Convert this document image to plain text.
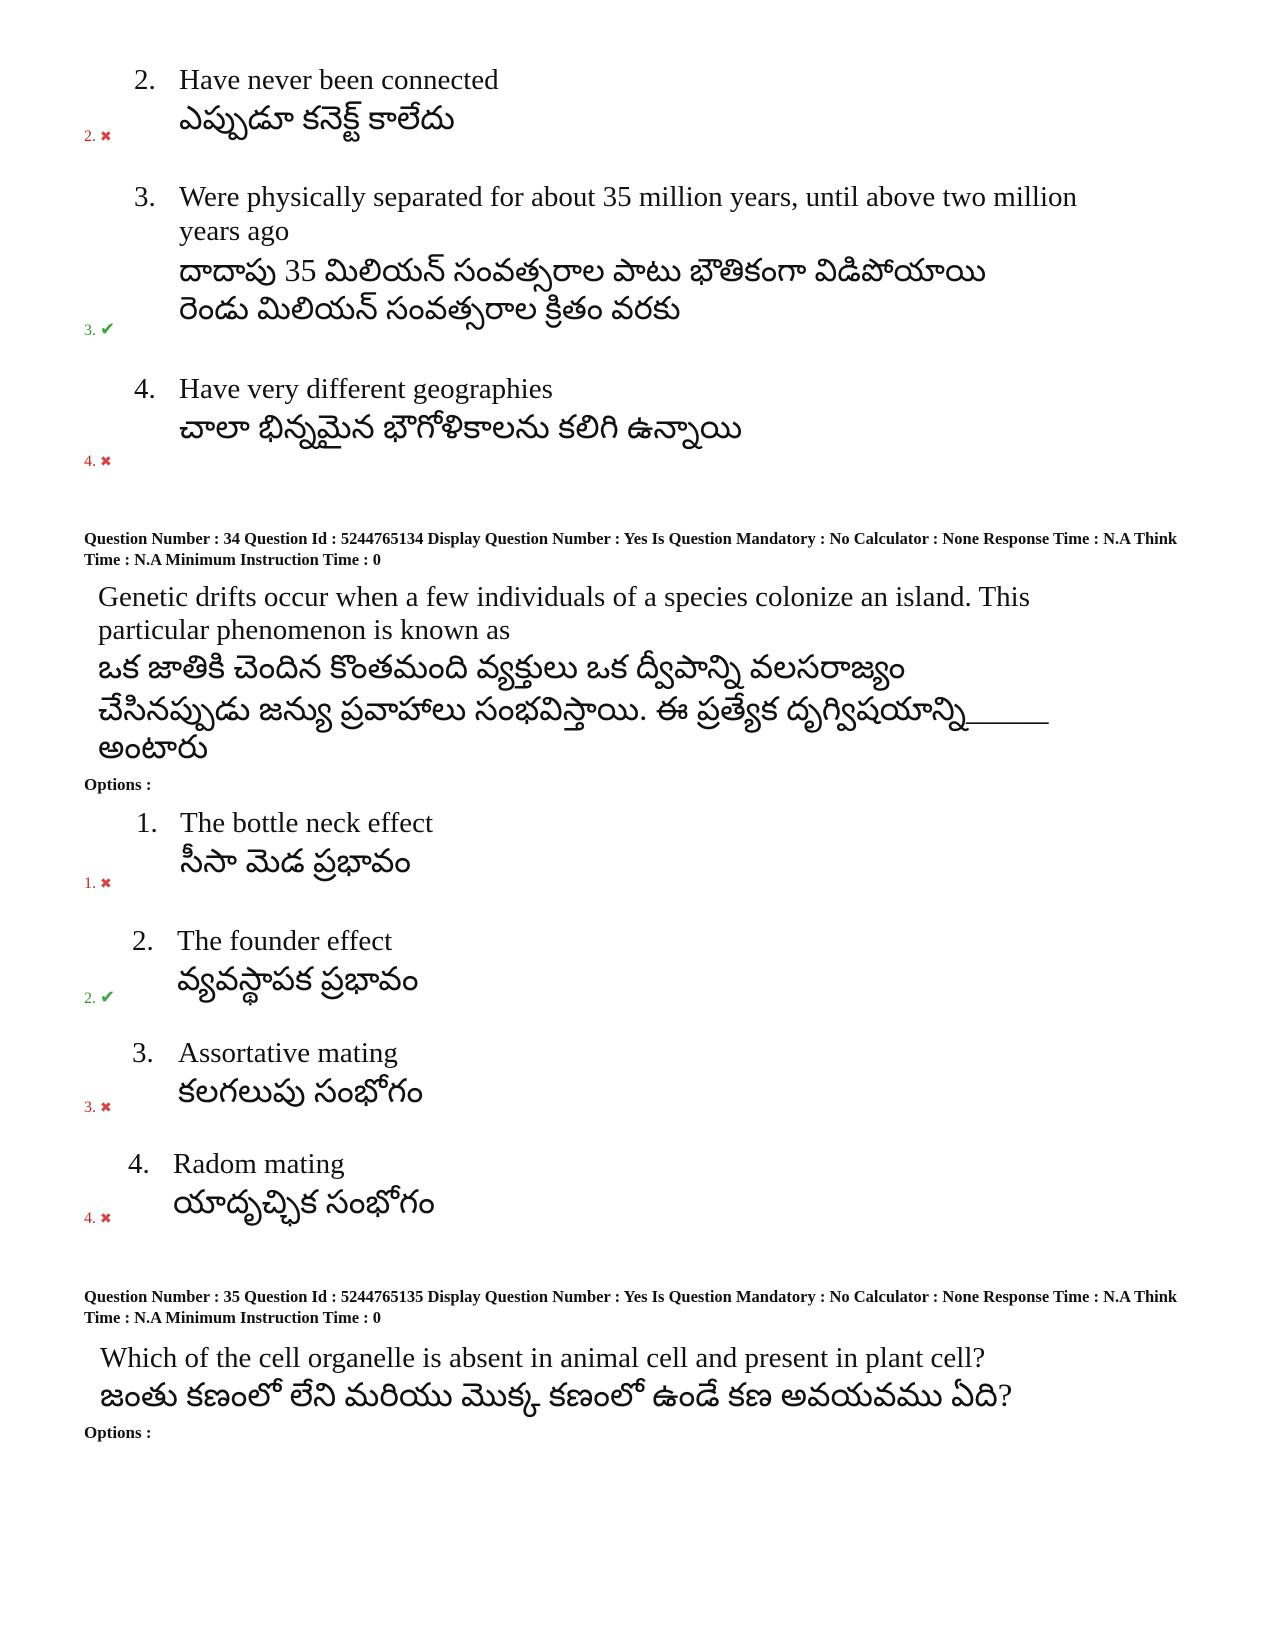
2. Have never been connected
ఎప్పుడూ కనెక్ట్ కాలేదు
2. ✖
3. Were physically separated for about 35 million years, until above two million
years ago
దాదాపు 35 మిలియన్ సంవత్సరాల పాటు భౌతికంగా విడిపోయాయి
రెండు మిలియన్ సంవత్సరాల క్రితం వరకు
3. ✔
4. Have very different geographies
చాలా భిన్నమైన భౌగోళికాలను కలిగి ఉన్నాయి
4. ✖
Question Number : 34 Question Id : 5244765134 Display Question Number : Yes Is Question Mandatory : No Calculator : None Response Time : N.A Think Time : N.A Minimum Instruction Time : 0
Genetic drifts occur when a few individuals of a species colonize an island. This
particular phenomenon is known as
ఒక జాతికి చెందిన కొంతమంది వ్యక్తులు ఒక ద్వీపాన్ని వలసరాజ్యం
చేసినప్పుడు జన్యు ప్రవాహాలు సంభవిస్తాయి. ఈ ప్రత్యేక దృగ్విషయాన్ని_____
అంటారు
Options :
1. The bottle neck effect
సీసా మెడ ప్రభావం
1. ✖
2. The founder effect
వ్యవస్థాపక ప్రభావం
2. ✔
3. Assortative mating
కలగలుపు సంభోగం
3. ✖
4. Radom mating
యాదృచ్ఛిక సంభోగం
4. ✖
Question Number : 35 Question Id : 5244765135 Display Question Number : Yes Is Question Mandatory : No Calculator : None Response Time : N.A Think Time : N.A Minimum Instruction Time : 0
Which of the cell organelle is absent in animal cell and present in plant cell?
జంతు కణంలో లేని మరియు మొక్క కణంలో ఉండే కణ అవయవము ఏది?
Options :
